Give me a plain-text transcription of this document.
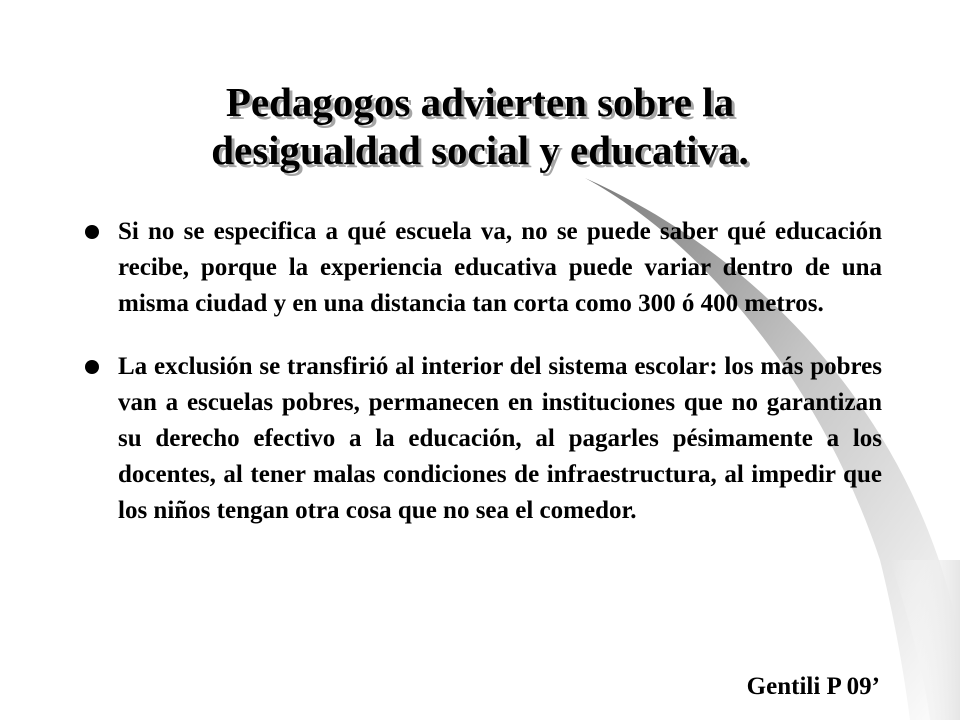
Pedagogos advierten sobre la
desigualdad social y educativa.
Si no se especifica a qué escuela va, no se puede saber qué educación recibe, porque la experiencia educativa puede variar dentro de una misma ciudad y en una distancia tan corta como 300 ó 400 metros.
La exclusión se transfirió al interior del sistema escolar: los más pobres van a escuelas pobres, permanecen en instituciones que no garantizan su derecho efectivo a la educación, al pagarles pésimamente a los docentes, al tener malas condiciones de infraestructura, al impedir que los niños tengan otra cosa que no sea el comedor.
Gentili P 09’
